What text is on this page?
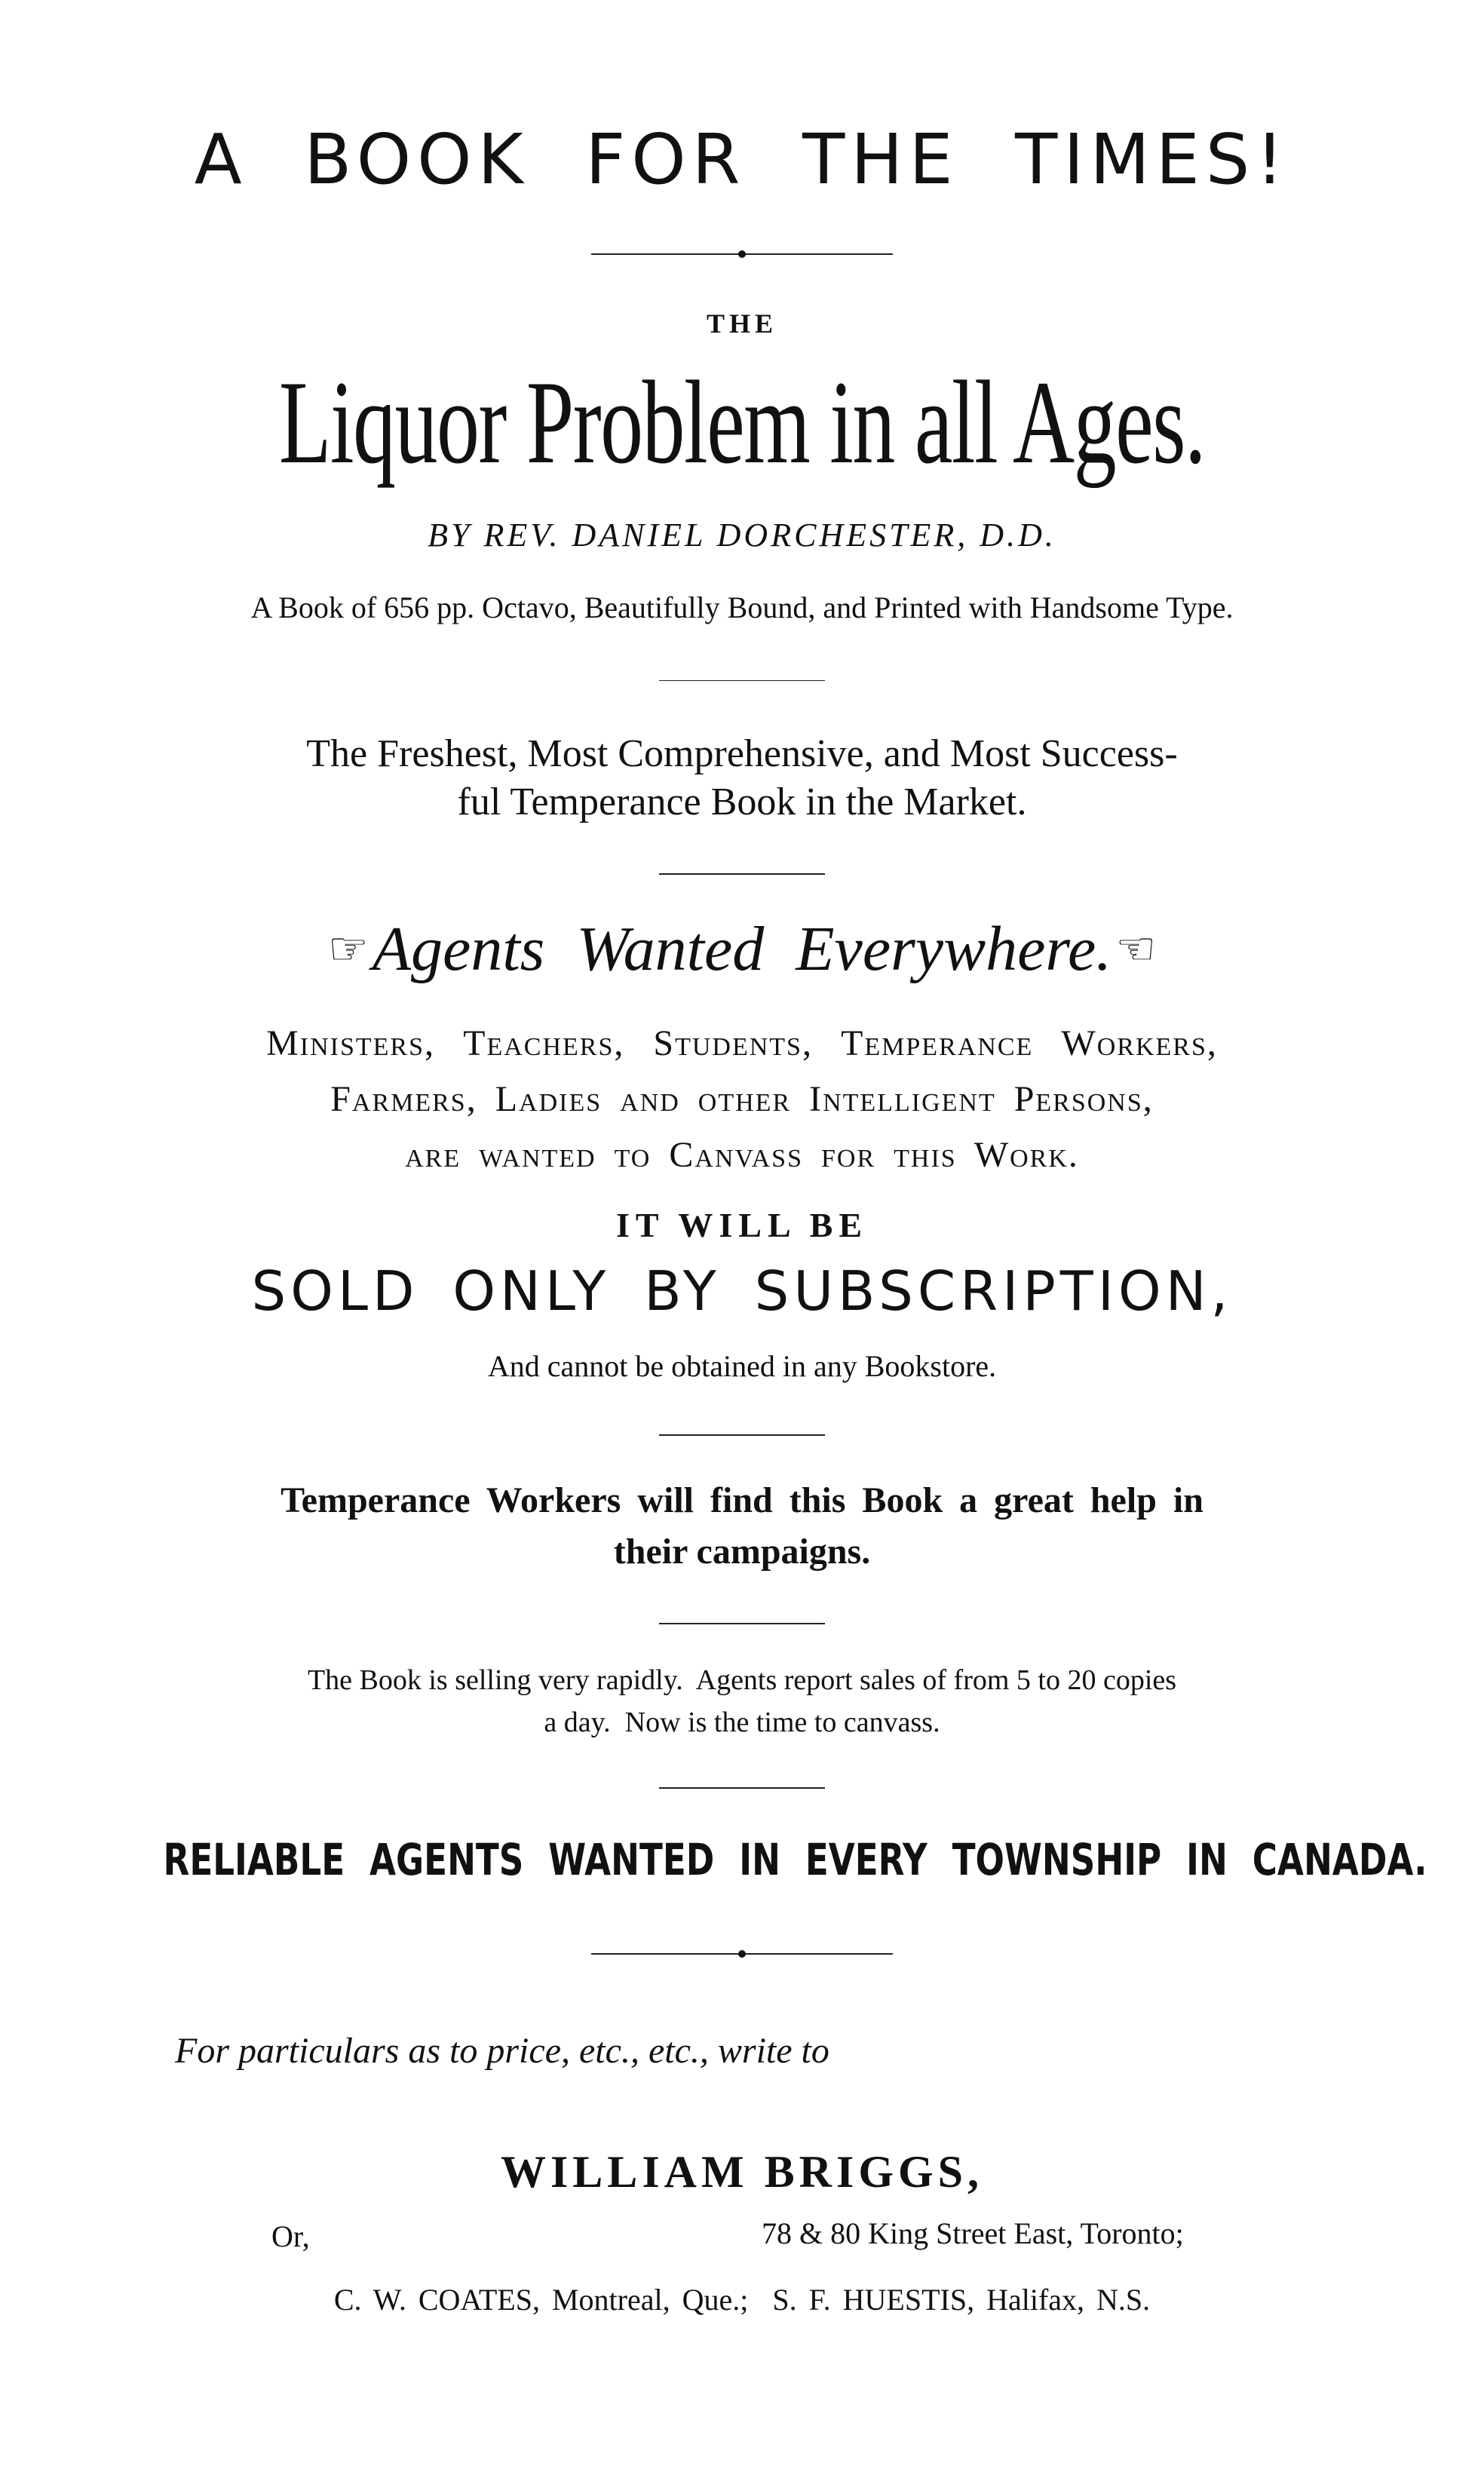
A  BOOK  FOR  THE  TIMES!
THE
Liquor Problem in all Ages.
BY REV. DANIEL DORCHESTER, D.D.
A Book of 656 pp. Octavo, Beautifully Bound, and Printed with Handsome Type.
The Freshest, Most Comprehensive, and Most Success-
ful Temperance Book in the Market.
☞ Agents  Wanted  Everywhere. ☜
Ministers, Teachers, Students, Temperance Workers,
Farmers, Ladies and other Intelligent Persons,
are wanted to Canvass for this Work.
IT WILL BE
SOLD ONLY BY SUBSCRIPTION,
And cannot be obtained in any Bookstore.
Temperance Workers will find this Book a great help in
their campaigns.
The Book is selling very rapidly.  Agents report sales of from 5 to 20 copies
a day.  Now is the time to canvass.
RELIABLE AGENTS WANTED IN EVERY TOWNSHIP IN CANADA.
For particulars as to price, etc., etc., write to
WILLIAM BRIGGS,
Or,	78 & 80 King Street East, Toronto;
C. W. COATES, Montreal, Que.;  S. F. HUESTIS, Halifax, N.S.
